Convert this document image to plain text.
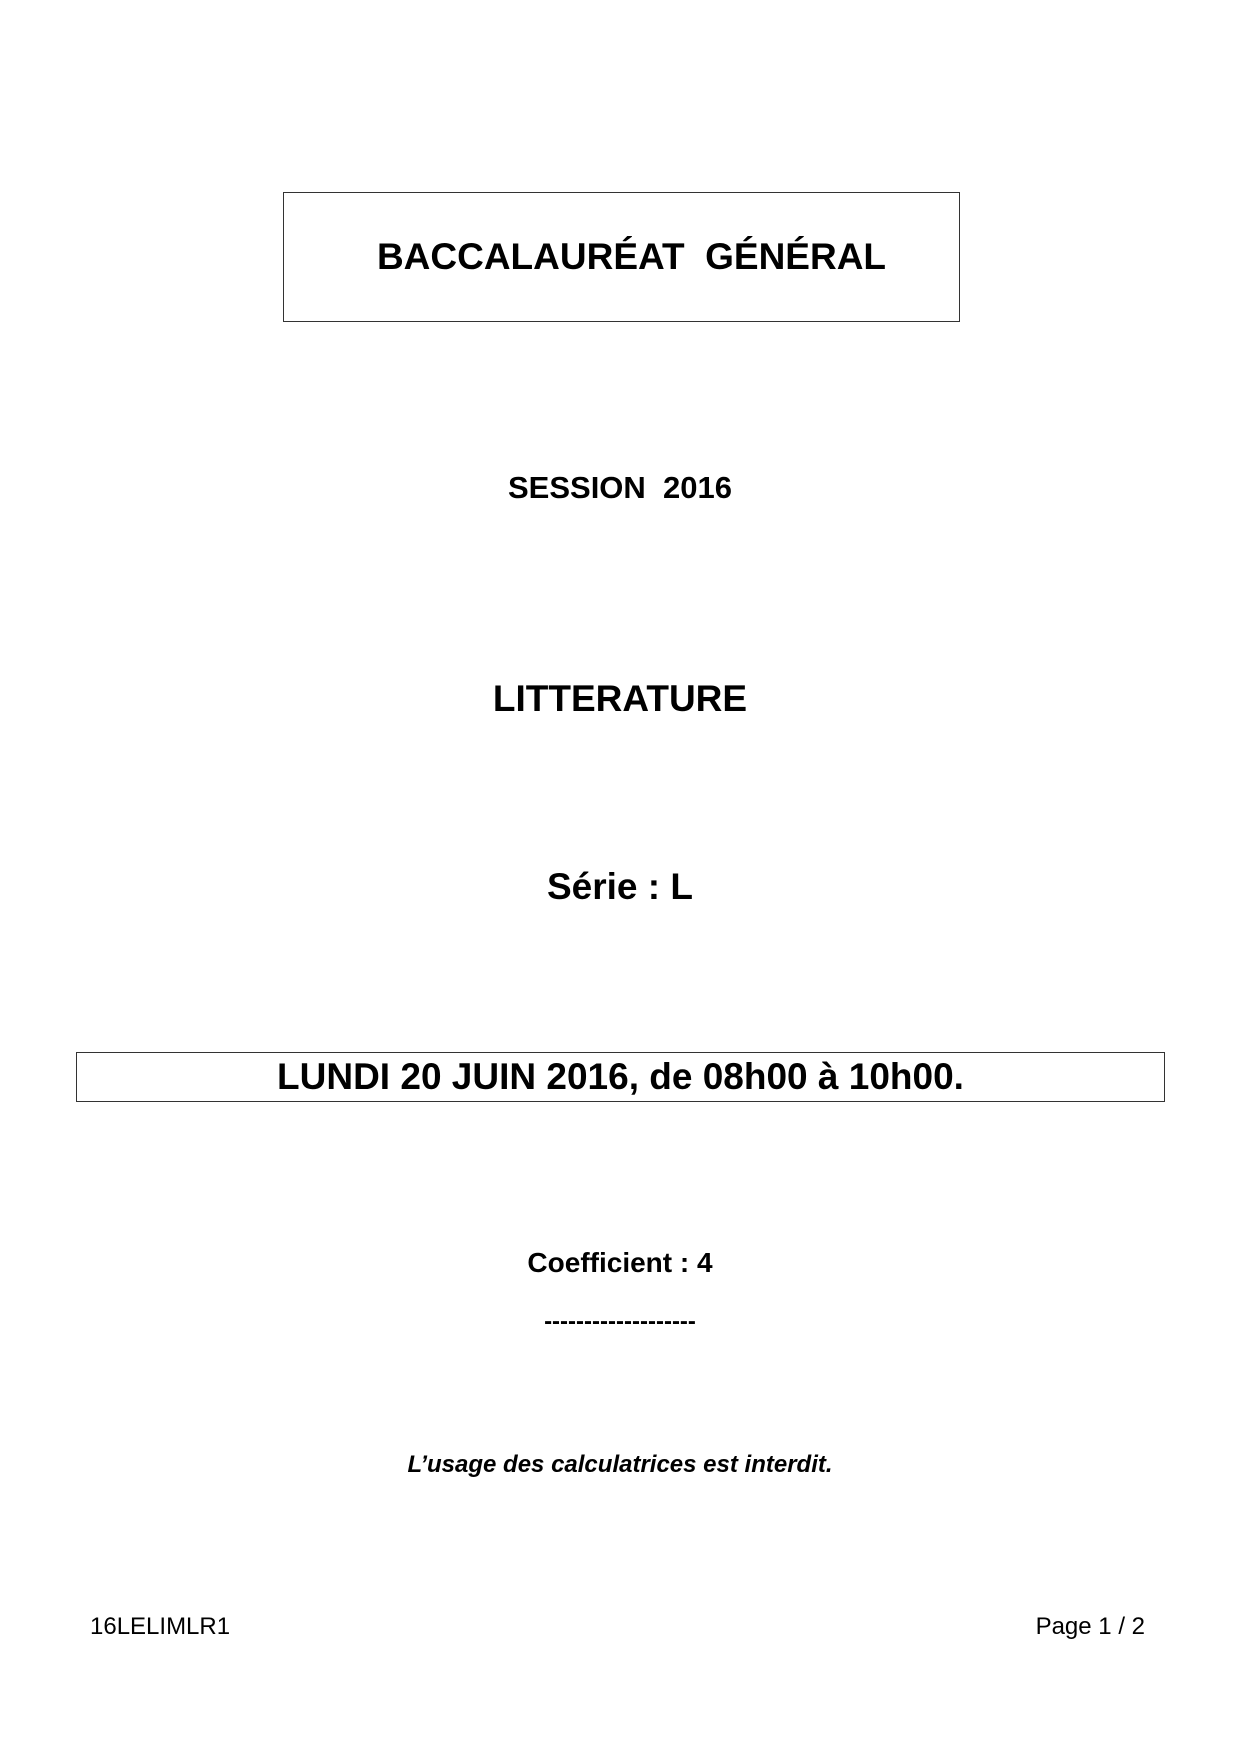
BACCALAURÉAT  GÉNÉRAL
SESSION  2016
LITTERATURE
Série : L
LUNDI 20 JUIN 2016, de 08h00 à 10h00.
Coefficient : 4
-------------------
L’usage des calculatrices est interdit.
16LELIMLR1	Page 1 / 2
